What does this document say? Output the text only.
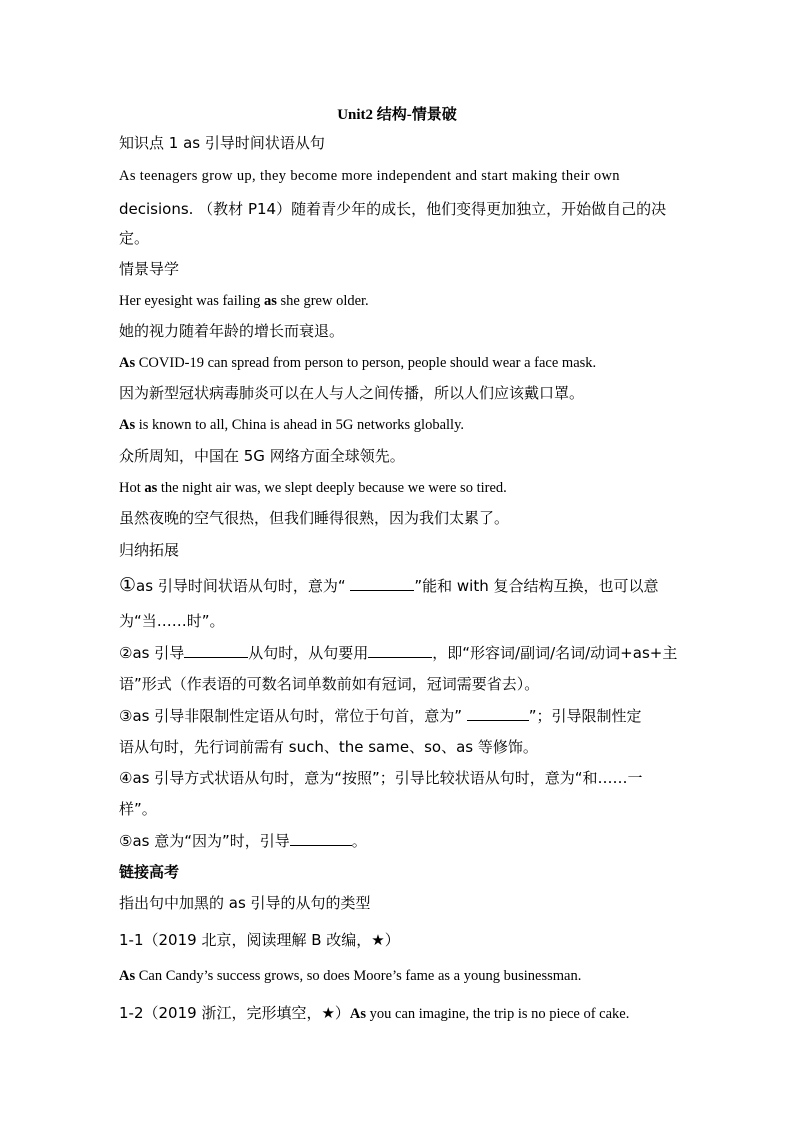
Unit2 结构-情景破
知识点 1 as 引导时间状语从句
As teenagers grow up, they become more independent and start making their own
decisions. （教材 P14）随着青少年的成长，他们变得更加独立，开始做自己的决
定。
情景导学
Her eyesight was failing as she grew older.
她的视力随着年龄的增长而衰退。
As COVID-19 can spread from person to person, people should wear a face mask.
因为新型冠状病毒肺炎可以在人与人之间传播，所以人们应该戴口罩。
As is known to all, China is ahead in 5G networks globally.
众所周知，中国在 5G 网络方面全球领先。
Hot as the night air was, we slept deeply because we were so tired.
虽然夜晚的空气很热，但我们睡得很熟，因为我们太累了。
归纳拓展
①as 引导时间状语从句时，意为“	”能和 with 复合结构互换，也可以意
为“当……时”。
②as 引导	从句时，从句要用	，即“形容词/副词/名词/动词+as+主
语”形式（作表语的可数名词单数前如有冠词，冠词需要省去）。
③as 引导非限制性定语从句时，常位于句首，意为”	”；引导限制性定
语从句时，先行词前需有 such、the same、so、as 等修饰。
④as 引导方式状语从句时，意为“按照”；引导比较状语从句时，意为“和……一
样”。
⑤as 意为“因为”时，引导	。
链接高考
指出句中加黑的 as 引导的从句的类型
1-1（2019 北京，阅读理解 B 改编，★）
As Can Candy’s success grows, so does Moore’s fame as a young businessman.
1-2（2019 浙江，完形填空，★）As you can imagine, the trip is no piece of cake.
